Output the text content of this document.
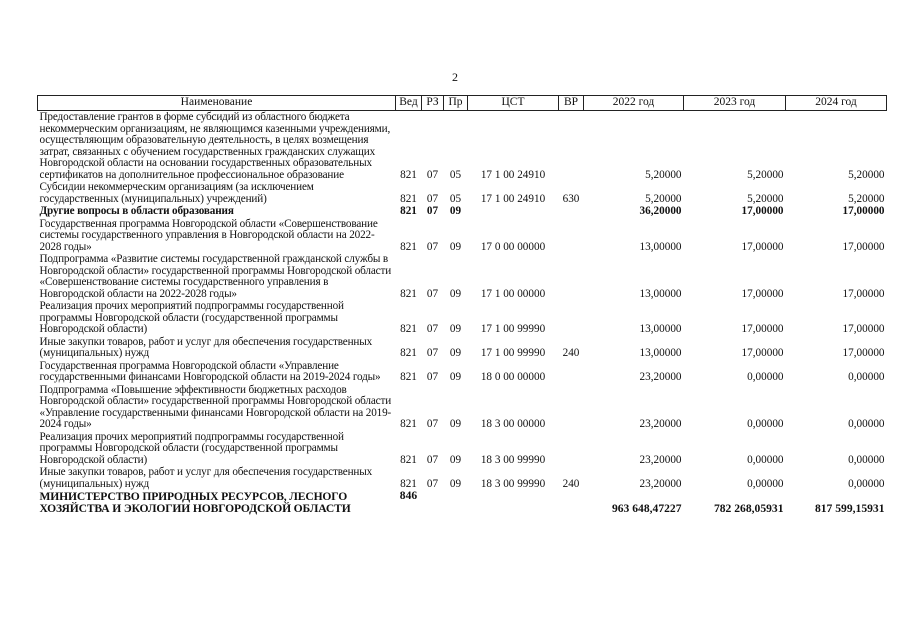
2
Наименование	Вед	РЗ	Пр	ЦСТ	ВР	2022 год	2023 год	2024 год
Предоставление грантов в форме субсидий из областного бюджета некоммерческим организациям, не являющимся казенными учреждениями, осуществляющим образовательную деятельность, в целях возмещения затрат, связанных с обучением государственных гражданских служащих Новгородской области на основании государственных образовательных сертификатов на дополнительное профессиональное образование	821	07	05	17 1 00 24910		5,20000	5,20000	5,20000
Субсидии некоммерческим организациям (за исключением государственных (муниципальных) учреждений)	821	07	05	17 1 00 24910	630	5,20000	5,20000	5,20000
Другие вопросы в области образования	821	07	09			36,20000	17,00000	17,00000
Государственная программа Новгородской области «Совершенствование системы государственного управления в Новгородской области на 2022-2028 годы»	821	07	09	17 0 00 00000		13,00000	17,00000	17,00000
Подпрограмма «Развитие системы государственной гражданской службы в Новгородской области» государственной программы Новгородской области «Совершенствование системы государственного управления в Новгородской области на 2022-2028 годы»	821	07	09	17 1 00 00000		13,00000	17,00000	17,00000
Реализация прочих мероприятий подпрограммы государственной программы Новгородской области (государственной программы Новгородской области)	821	07	09	17 1 00 99990		13,00000	17,00000	17,00000
Иные закупки товаров, работ и услуг для обеспечения государственных (муниципальных) нужд	821	07	09	17 1 00 99990	240	13,00000	17,00000	17,00000
Государственная программа Новгородской области «Управление государственными финансами Новгородской области на 2019-2024 годы»	821	07	09	18 0 00 00000		23,20000	0,00000	0,00000
Подпрограмма «Повышение эффективности бюджетных расходов Новгородской области» государственной программы Новгородской области «Управление государственными финансами Новгородской области на 2019-2024 годы»	821	07	09	18 3 00 00000		23,20000	0,00000	0,00000
Реализация прочих мероприятий подпрограммы государственной программы Новгородской области (государственной программы Новгородской области)	821	07	09	18 3 00 99990		23,20000	0,00000	0,00000
Иные закупки товаров, работ и услуг для обеспечения государственных (муниципальных) нужд	821	07	09	18 3 00 99990	240	23,20000	0,00000	0,00000
МИНИСТЕРСТВО ПРИРОДНЫХ РЕСУРСОВ, ЛЕСНОГО ХОЗЯЙСТВА И ЭКОЛОГИИ НОВГОРОДСКОЙ ОБЛАСТИ	846					963 648,47227	782 268,05931	817 599,15931
